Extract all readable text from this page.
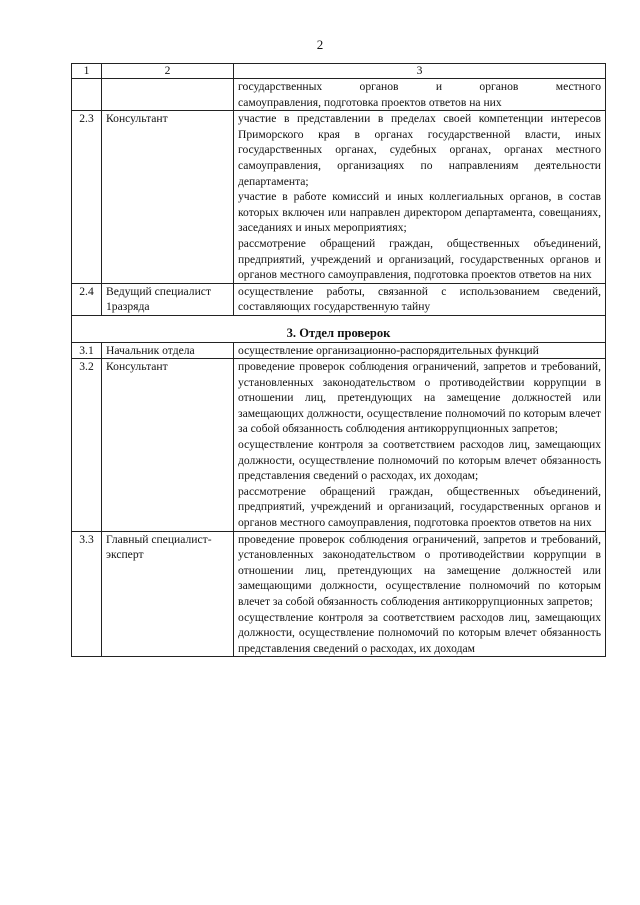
2
1	2	3

		государственных органов и органов местного
самоуправления, подготовка проектов ответов на них

2.3	Консультант	участие в представлении в пределах своей компетенции интересов Приморского края в органах государственной власти, иных государственных органах, судебных органах, органах местного самоуправления, организациях по направлениям деятельности департамента;
участие в работе комиссий и иных коллегиальных органов, в состав которых включен или направлен директором департамента, совещаниях, заседаниях и иных мероприятиях;
рассмотрение обращений граждан, общественных объединений, предприятий, учреждений и организаций, государственных органов и органов местного самоуправления, подготовка проектов ответов на них

2.4	Ведущий специалист 1разряда	осуществление работы, связанной с использованием сведений, составляющих государственную тайну

3. Отдел проверок		
3.1	Начальник отдела	осуществление организационно-распорядительных функций

3.2	Консультант	проведение проверок соблюдения ограничений, запретов и требований, установленных законодательством о противодействии коррупции в отношении лиц, претендующих на замещение должностей или замещающих должности, осуществление полномочий по которым влечет за собой обязанность соблюдения антикоррупционных запретов;
осуществление контроля за соответствием расходов лиц, замещающих должности, осуществление полномочий по которым влечет обязанность представления сведений о расходах, их доходам;
рассмотрение обращений граждан, общественных объединений, предприятий, учреждений и организаций, государственных органов и органов местного самоуправления, подготовка проектов ответов на них

3.3	Главный специалист-эксперт	проведение проверок соблюдения ограничений, запретов и требований, установленных законодательством о противодействии коррупции в отношении лиц, претендующих на замещение должностей или замещающими должности, осуществление полномочий по которым влечет за собой обязанность соблюдения антикоррупционных запретов;
осуществление контроля за соответствием расходов лиц, замещающих должности, осуществление полномочий по которым влечет обязанность представления сведений о расходах, их доходам
